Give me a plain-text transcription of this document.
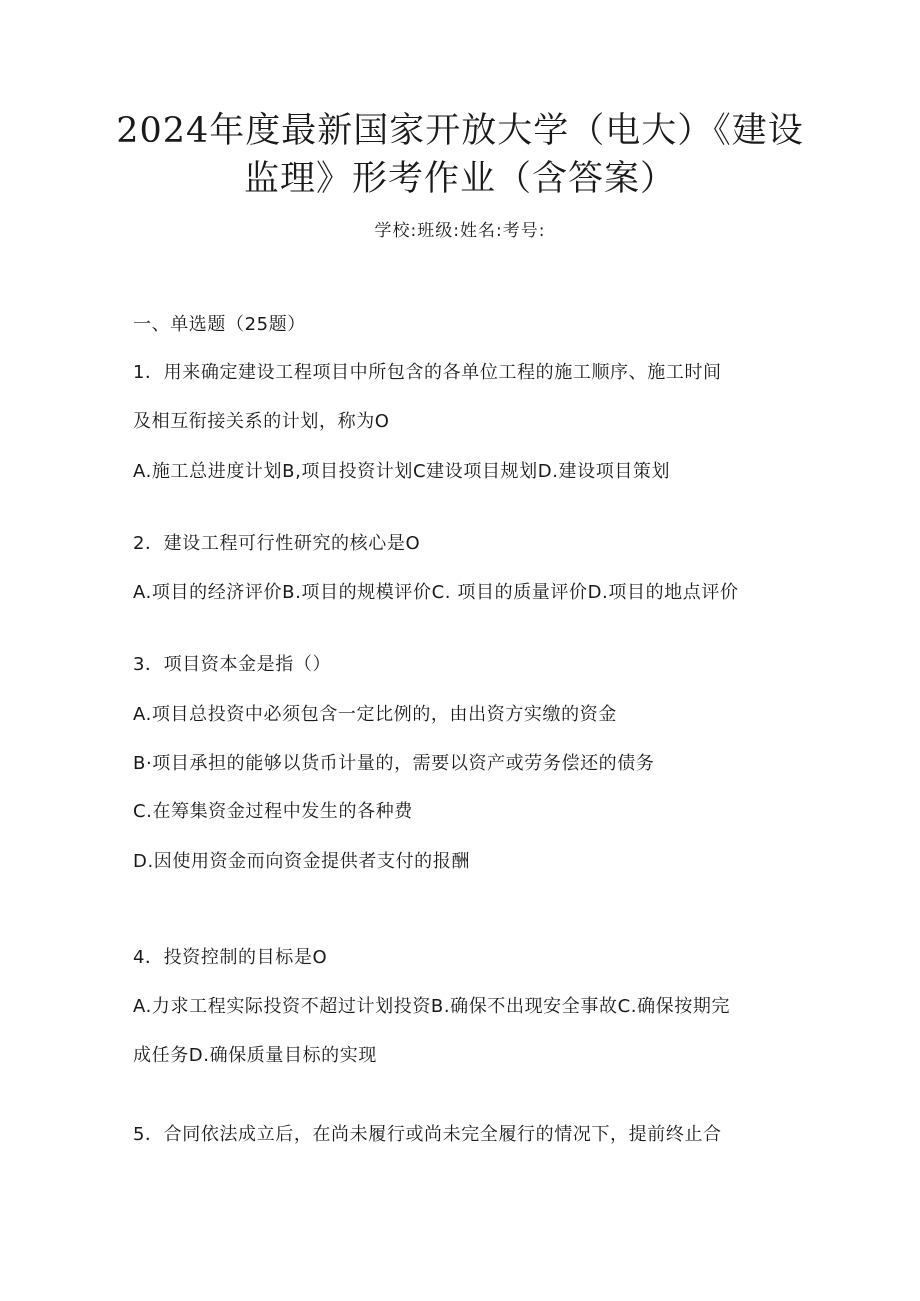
2024年度最新国家开放大学（电大）《建设
监理》形考作业（含答案）
学校:班级:姓名:考号:
一、单选题（25题）
1．用来确定建设工程项目中所包含的各单位工程的施工顺序、施工时间
及相互衔接关系的计划，称为O
A.施工总进度计划B,项目投资计划C建设项目规划D.建设项目策划
2．建设工程可行性研究的核心是O
A.项目的经济评价B.项目的规模评价C. 项目的质量评价D.项目的地点评价
3．项目资本金是指（）
A.项目总投资中必须包含一定比例的，由出资方实缴的资金
B·项目承担的能够以货币计量的，需要以资产或劳务偿还的债务
C.在筹集资金过程中发生的各种费
D.因使用资金而向资金提供者支付的报酬
4．投资控制的目标是O
A.力求工程实际投资不超过计划投资B.确保不出现安全事故C.确保按期完
成任务D.确保质量目标的实现
5．合同依法成立后，在尚未履行或尚未完全履行的情况下，提前终止合
